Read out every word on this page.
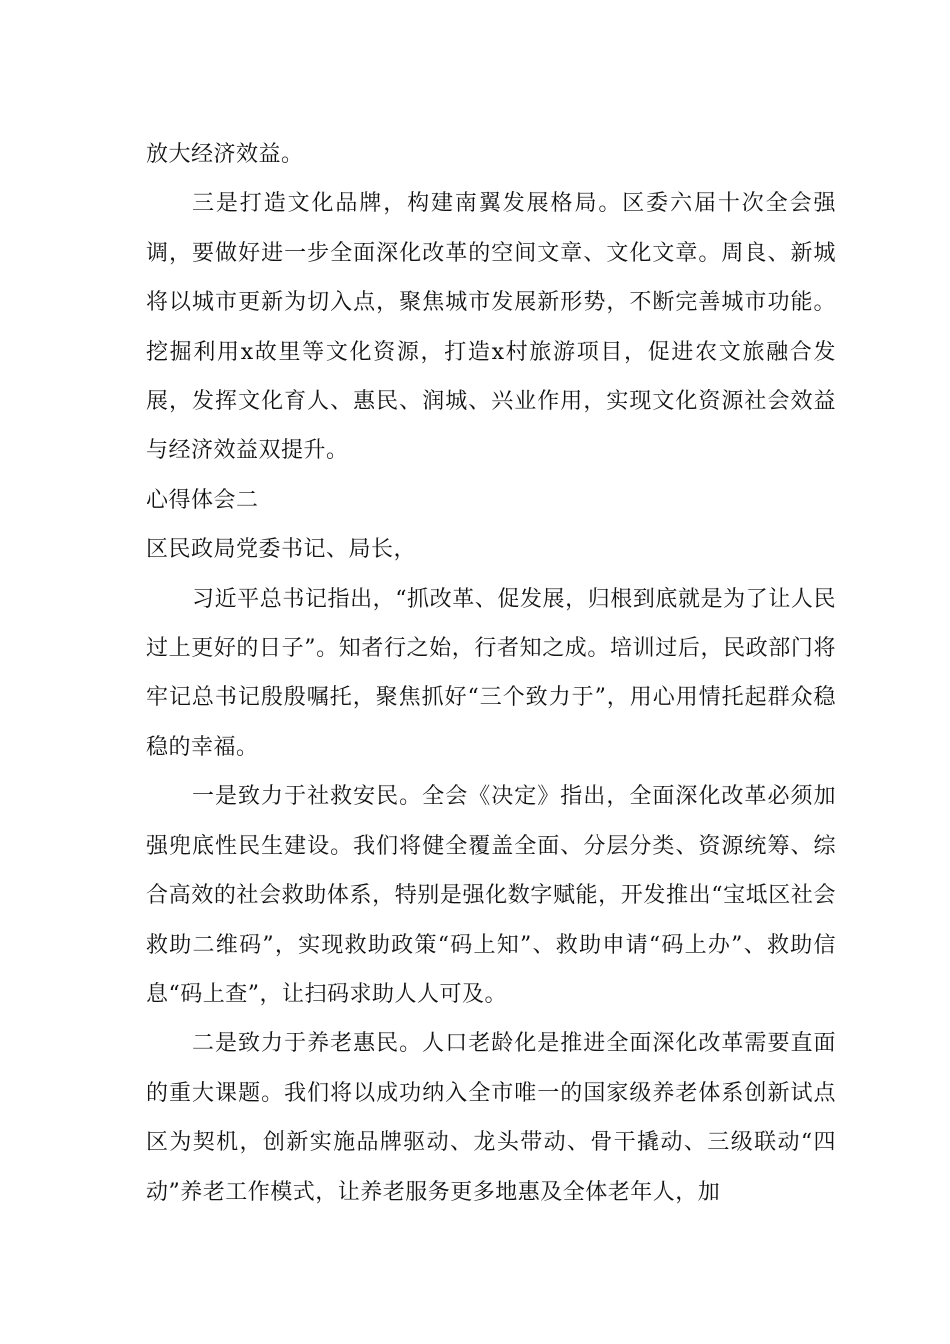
放大经济效益。

三是打造文化品牌，构建南翼发展格局。区委六届十次全会强调，要做好进一步全面深化改革的空间文章、文化文章。周良、新城将以城市更新为切入点，聚焦城市发展新形势，不断完善城市功能。挖掘利用x故里等文化资源，打造x村旅游项目，促进农文旅融合发展，发挥文化育人、惠民、润城、兴业作用，实现文化资源社会效益与经济效益双提升。

心得体会二

区民政局党委书记、局长，

习近平总书记指出，“抓改革、促发展，归根到底就是为了让人民过上更好的日子”。知者行之始，行者知之成。培训过后，民政部门将牢记总书记殷殷嘱托，聚焦抓好“三个致力于”，用心用情托起群众稳稳的幸福。

一是致力于社救安民。全会《决定》指出，全面深化改革必须加强兜底性民生建设。我们将健全覆盖全面、分层分类、资源统筹、综合高效的社会救助体系，特别是强化数字赋能，开发推出“宝坻区社会救助二维码”，实现救助政策“码上知”、救助申请“码上办”、救助信息“码上查”，让扫码求助人人可及。

二是致力于养老惠民。人口老龄化是推进全面深化改革需要直面的重大课题。我们将以成功纳入全市唯一的国家级养老体系创新试点区为契机，创新实施品牌驱动、龙头带动、骨干撬动、三级联动“四动”养老工作模式，让养老服务更多地惠及全体老年人，加
